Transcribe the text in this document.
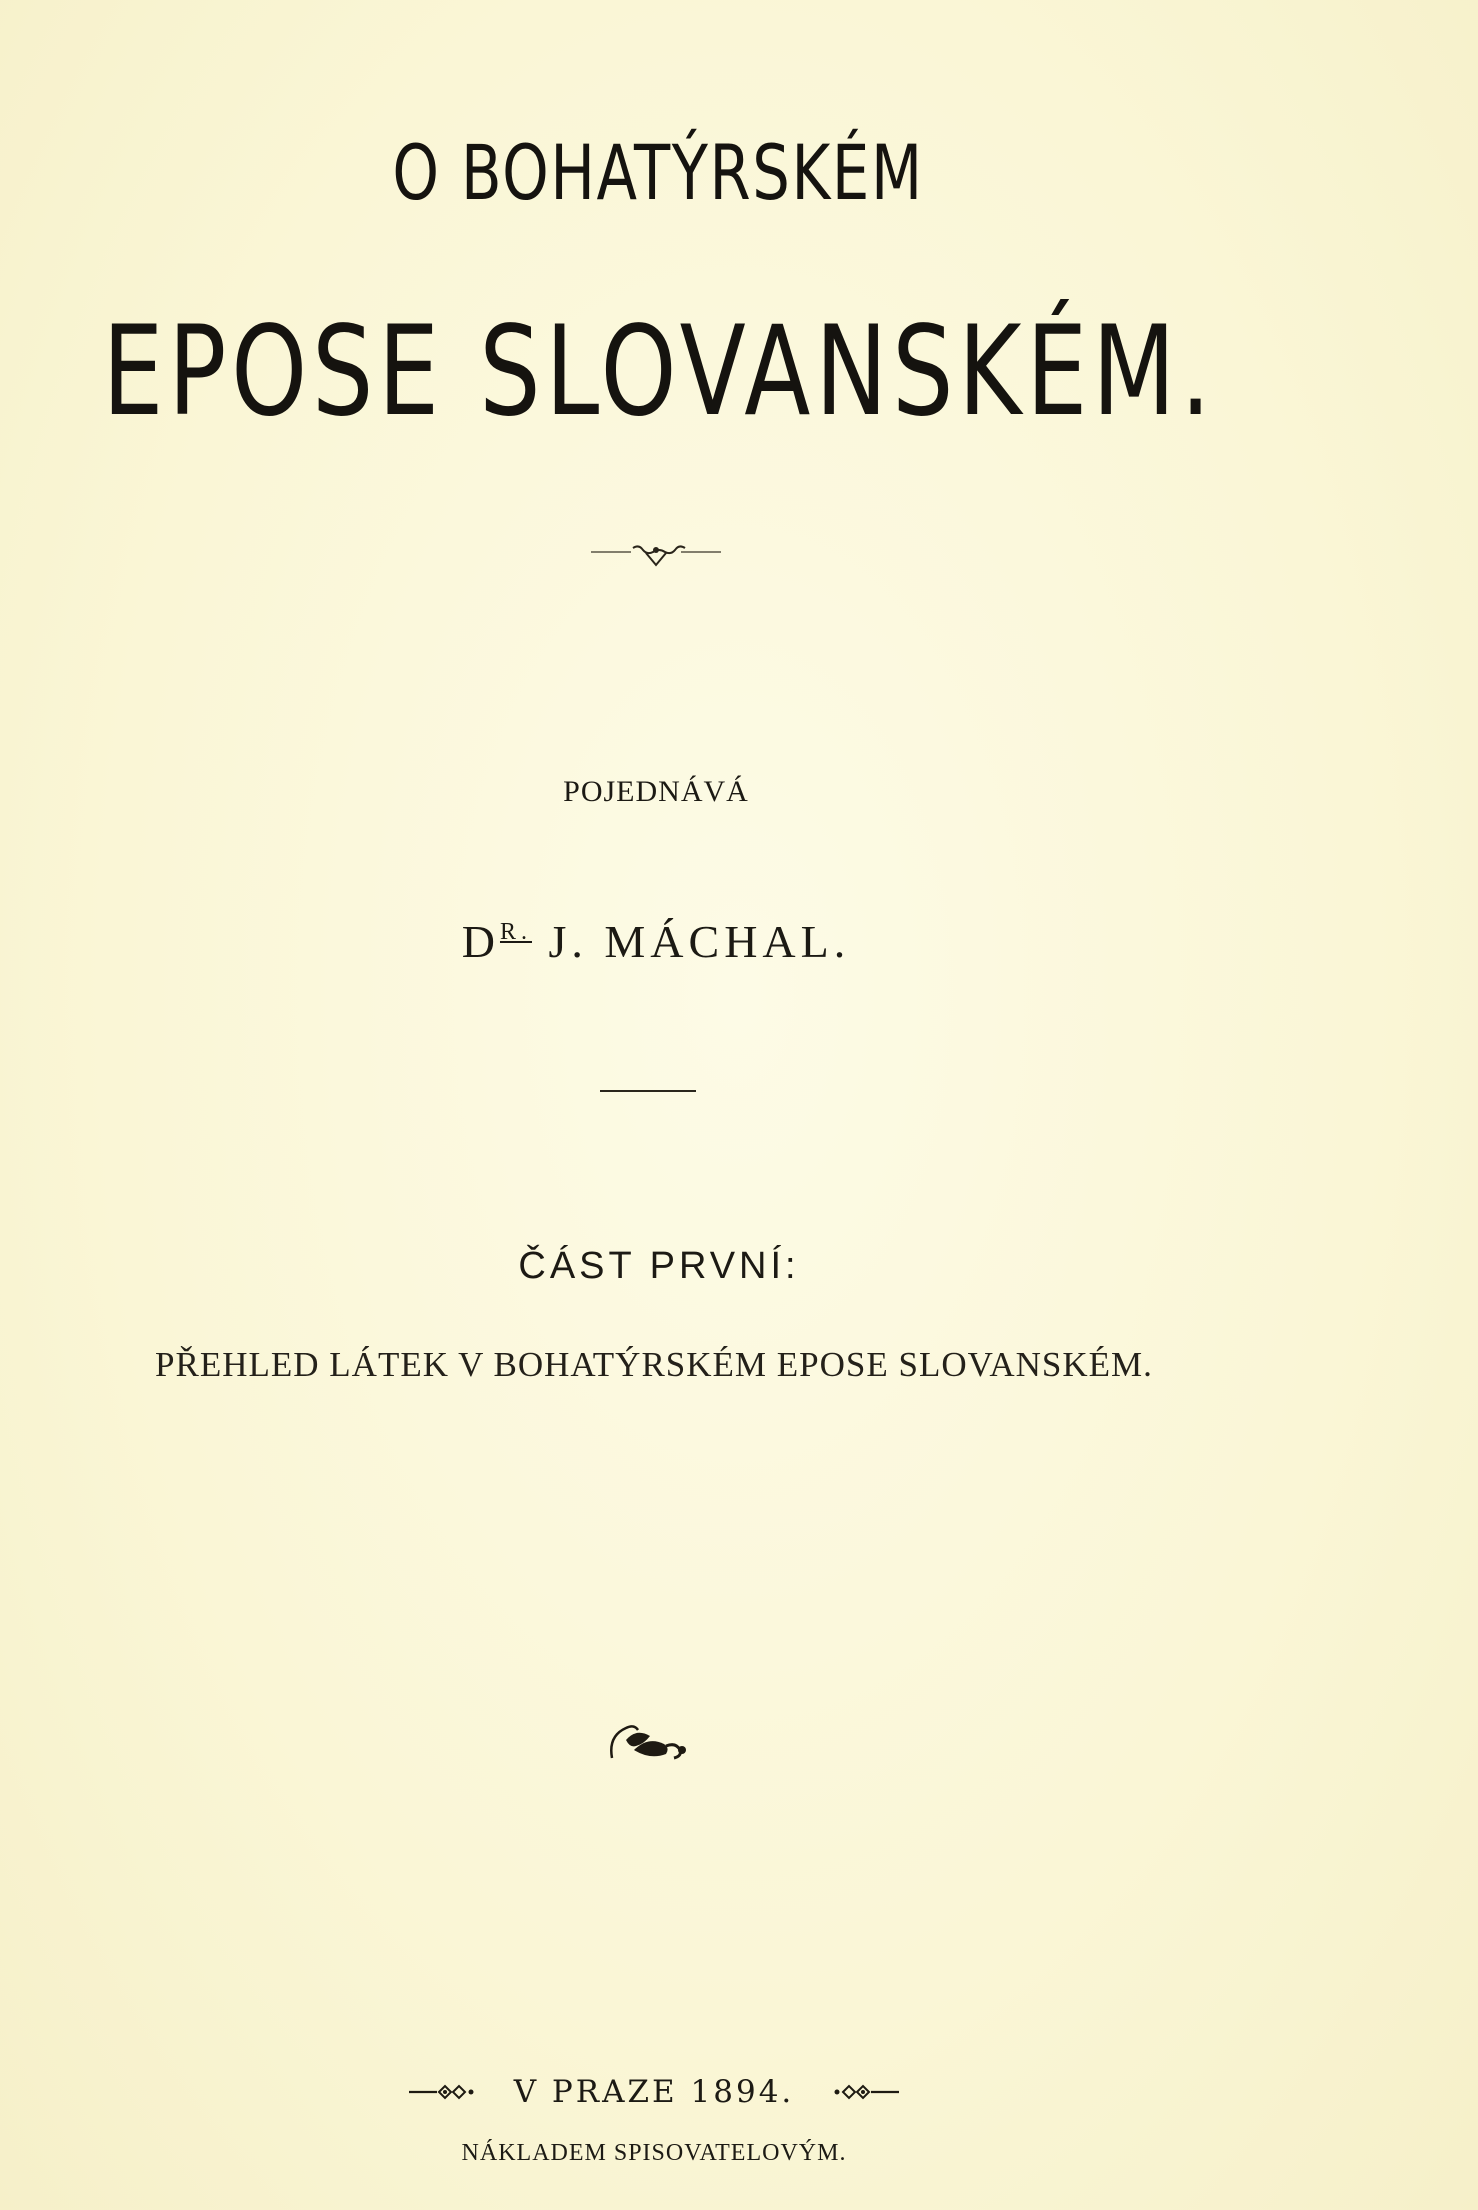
O BOHATÝRSKÉM
EPOSE SLOVANSKÉM.
POJEDNÁVÁ
$D^{R.}$ J. MÁCHAL.
ČÁST PRVNÍ:
PŘEHLED LÁTEK V BOHATÝRSKÉM EPOSE SLOVANSKÉM.
V PRAZE 1894.
NÁKLADEM SPISOVATELOVÝM.
